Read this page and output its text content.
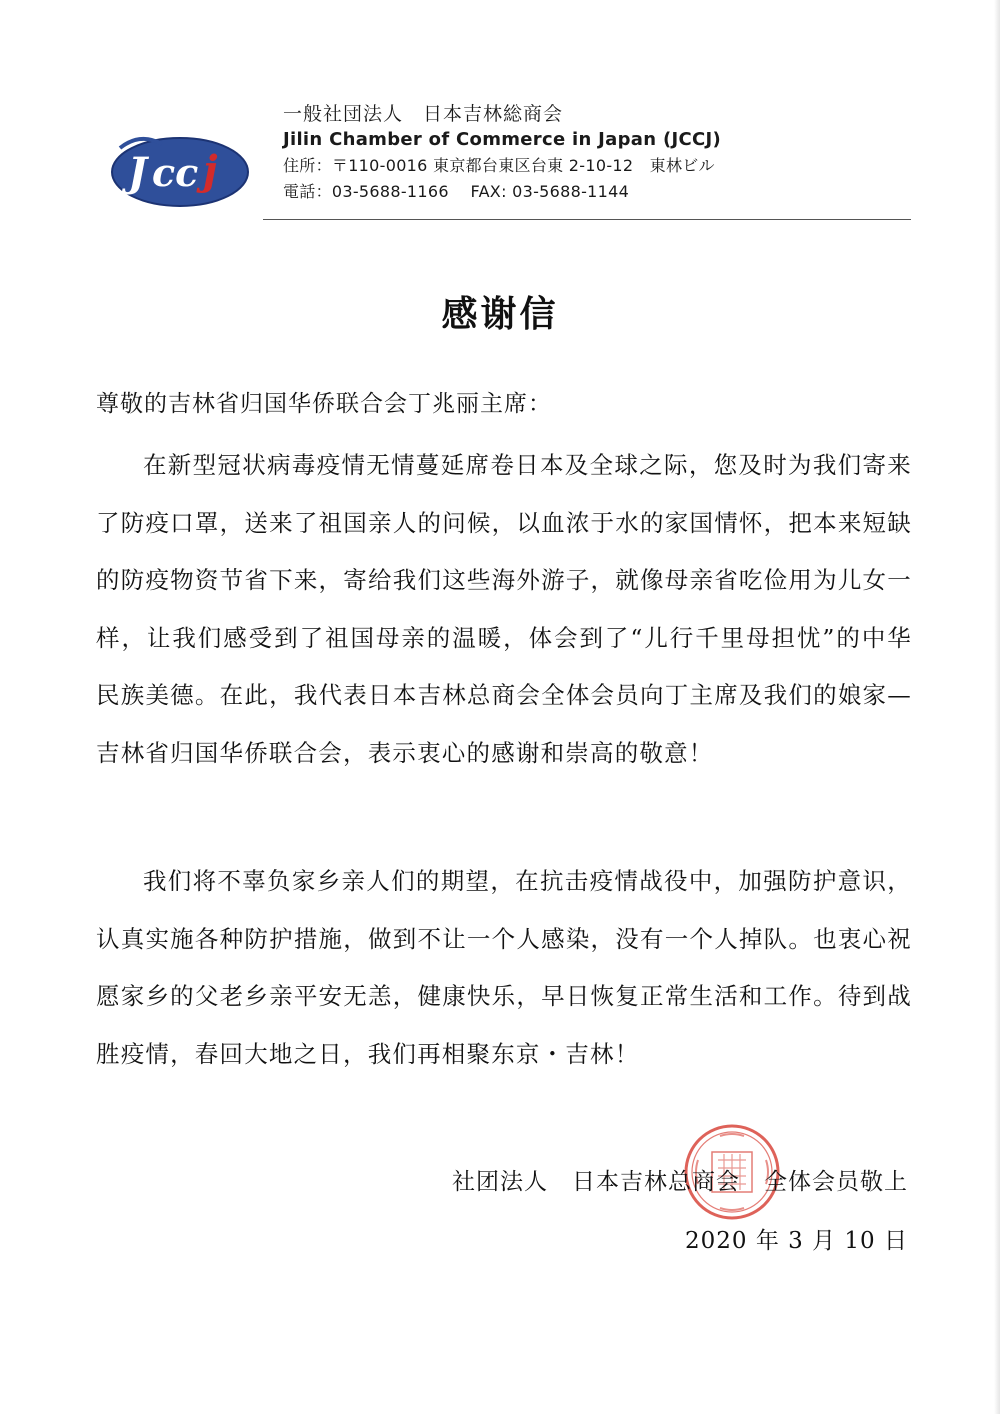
J cc j
一般社団法人　日本吉林総商会
Jilin Chamber of Commerce in Japan (JCCJ)
住所：〒110-0016 東京都台東区台東 2-10-12　東林ビル
電話：03-5688-1166　 FAX: 03-5688-1144
感谢信
尊敬的吉林省归国华侨联合会丁兆丽主席：

在新型冠状病毒疫情无情蔓延席卷日本及全球之际，您及时为我们寄来了防疫口罩，送来了祖国亲人的问候，以血浓于水的家国情怀，把本来短缺的防疫物资节省下来，寄给我们这些海外游子，就像母亲省吃俭用为儿女一样，让我们感受到了祖国母亲的温暖，体会到了“儿行千里母担忧”的中华民族美德。在此，我代表日本吉林总商会全体会员向丁主席及我们的娘家—吉林省归国华侨联合会，表示衷心的感谢和崇高的敬意！

我们将不辜负家乡亲人们的期望，在抗击疫情战役中，加强防护意识，认真实施各种防护措施，做到不让一个人感染，没有一个人掉队。也衷心祝愿家乡的父老乡亲平安无恙，健康快乐，早日恢复正常生活和工作。待到战胜疫情，春回大地之日，我们再相聚东京・吉林！

社团法人　日本吉林总商会　全体会员敬上
2020 年 3 月 10 日
